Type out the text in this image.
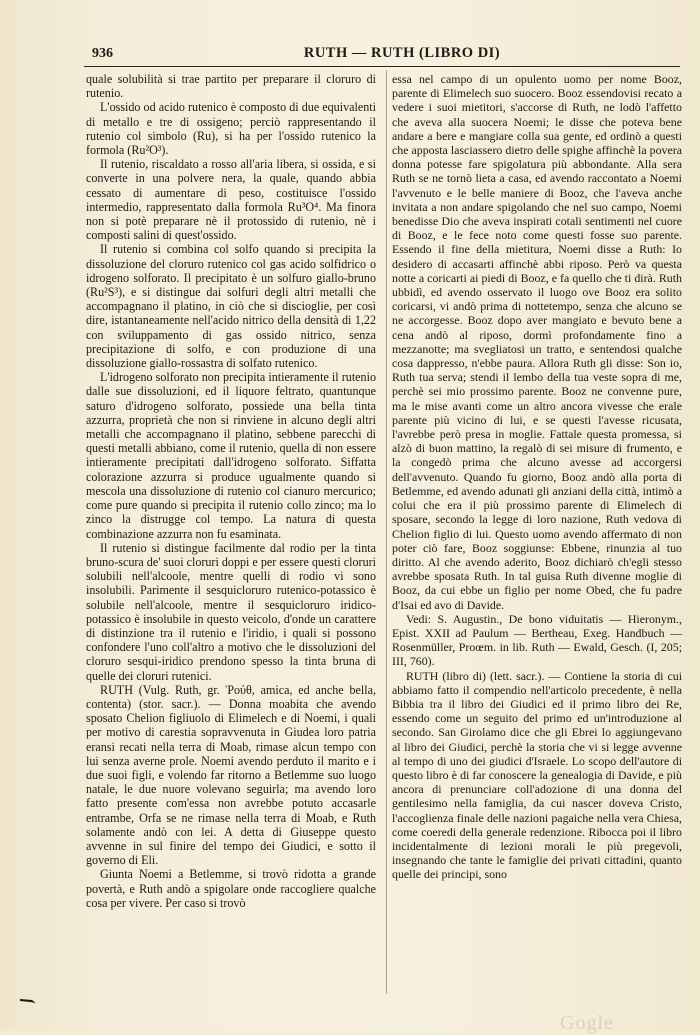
936	RUTH — RUTH (LIBRO DI)

quale solubilità si trae partito per preparare il cloruro di rutenio.

L'ossido od acido rutenico è composto di due equivalenti di metallo e tre di ossigeno; perciò rappresentando il rutenio col simbolo (Ru), si ha per l'ossido rutenico la formola (Ru²O³).

Il rutenio, riscaldato a rosso all'aria libera, si ossida, e si converte in una polvere nera, la quale, quando abbia cessato di aumentare di peso, costituisce l'ossido intermedio, rappresentato dalla formola Ru³O⁴. Ma finora non si potè preparare nè il protossido di rutenio, nè i composti salini di quest'ossido.

Il rutenio si combina col solfo quando si precipita la dissoluzione del cloruro rutenico col gas acido solfidrico o idrogeno solforato. Il precipitato è un solfuro giallo-bruno (Ru²S³), e si distingue dai solfuri degli altri metalli che accompagnano il platino, in ciò che si discioglie, per così dire, istantaneamente nell'acido nitrico della densità di 1,22 con sviluppamento di gas ossido nitrico, senza precipitazione di solfo, e con produzione di una dissoluzione giallo-rossastra di solfato rutenico.

L'idrogeno solforato non precipita intieramente il rutenio dalle sue dissoluzioni, ed il liquore feltrato, quantunque saturo d'idrogeno solforato, possiede una bella tinta azzurra, proprietà che non si rinviene in alcuno degli altri metalli che accompagnano il platino, sebbene parecchi di questi metalli abbiano, come il rutenio, quella di non essere intieramente precipitati dall'idrogeno solforato. Siffatta colorazione azzurra si produce ugualmente quando si mescola una dissoluzione di rutenio col cianuro mercurico; come pure quando si precipita il rutenio collo zinco; ma lo zinco la distrugge col tempo. La natura di questa combinazione azzurra non fu esaminata.

Il rutenio si distingue facilmente dal rodio per la tinta bruno-scura de' suoi cloruri doppi e per essere questi cloruri solubili nell'alcoole, mentre quelli di rodio vi sono insolubili. Parimente il sesquicloruro rutenico-potassico è solubile nell'alcoole, mentre il sesquicloruro iridico-potassico è insolubile in questo veicolo, d'onde un carattere di distinzione tra il rutenio e l'iridio, i quali si possono confondere l'uno coll'altro a motivo che le dissoluzioni del cloruro sesqui-iridico prendono spesso la tinta bruna di quelle dei cloruri rutenici.

RUTH (Vulg. Ruth, gr. Ῥούθ, amica, ed anche bella, contenta) (stor. sacr.). — Donna moabita che avendo sposato Chelion figliuolo di Elimelech e di Noemi, i quali per motivo di carestia sopravvenuta in Giudea loro patria eransi recati nella terra di Moab, rimase alcun tempo con lui senza averne prole. Noemi avendo perduto il marito e i due suoi figli, e volendo far ritorno a Betlemme suo luogo natale, le due nuore volevano seguirla; ma avendo loro fatto presente com'essa non avrebbe potuto accasarle entrambe, Orfa se ne rimase nella terra di Moab, e Ruth solamente andò con lei. A detta di Giuseppe questo avvenne in sul finire del tempo dei Giudici, e sotto il governo di Eli.

Giunta Noemi a Betlemme, si trovò ridotta a grande povertà, e Ruth andò a spigolare onde raccogliere qualche cosa per vivere. Per caso si trovò

essa nel campo di un opulento uomo per nome Booz, parente di Elimelech suo suocero. Booz essendovisi recato a vedere i suoi mietitori, s'accorse di Ruth, ne lodò l'affetto che aveva alla suocera Noemi; le disse che poteva bene andare a bere e mangiare colla sua gente, ed ordinò a questi che apposta lasciassero dietro delle spighe affinchè la povera donna potesse fare spigolatura più abbondante. Alla sera Ruth se ne tornò lieta a casa, ed avendo raccontato a Noemi l'avvenuto e le belle maniere di Booz, che l'aveva anche invitata a non andare spigolando che nel suo campo, Noemi benedisse Dio che aveva inspirati cotali sentimenti nel cuore di Booz, e le fece noto come questi fosse suo parente. Essendo il fine della mietitura, Noemi disse a Ruth: Io desidero di accasarti affinchè abbi riposo. Però va questa notte a coricarti ai piedi di Booz, e fa quello che ti dirà. Ruth ubbidì, ed avendo osservato il luogo ove Booz era solito coricarsi, vi andò prima di nottetempo, senza che alcuno se ne accorgesse. Booz dopo aver mangiato e bevuto bene a cena andò al riposo, dormì profondamente fino a mezzanotte; ma svegliatosi un tratto, e sentendosi qualche cosa dappresso, n'ebbe paura. Allora Ruth gli disse: Son io, Ruth tua serva; stendi il lembo della tua veste sopra di me, perchè sei mio prossimo parente. Booz ne convenne pure, ma le mise avanti come un altro ancora vivesse che erale parente più vicino di lui, e se questi l'avesse ricusata, l'avrebbe però presa in moglie. Fattale questa promessa, si alzò di buon mattino, la regalò di sei misure di frumento, e la congedò prima che alcuno avesse ad accorgersi dell'avvenuto. Quando fu giorno, Booz andò alla porta di Betlemme, ed avendo adunati gli anziani della città, intimò a colui che era il più prossimo parente di Elimelech di sposare, secondo la legge di loro nazione, Ruth vedova di Chelion figlio di lui. Questo uomo avendo affermato di non poter ciò fare, Booz soggiunse: Ebbene, rinunzia al tuo diritto. Al che avendo aderito, Booz dichiarò ch'egli stesso avrebbe sposata Ruth. In tal guisa Ruth divenne moglie di Booz, da cui ebbe un figlio per nome Obed, che fu padre d'Isai ed avo di Davide.

Vedi: S. Augustin., De bono viduitatis — Hieronym., Epist. XXII ad Paulum — Bertheau, Exeg. Handbuch — Rosenmüller, Proœm. in lib. Ruth — Ewald, Gesch. (I, 205; III, 760).

RUTH (libro di) (lett. sacr.). — Contiene la storia di cui abbiamo fatto il compendio nell'articolo precedente, è nella Bibbia tra il libro dei Giudici ed il primo libro dei Re, essendo come un seguito del primo ed un'introduzione al secondo. San Girolamo dice che gli Ebrei lo aggiungevano al libro dei Giudici, perchè la storia che vi si legge avvenne al tempo di uno dei giudici d'Israele. Lo scopo dell'autore di questo libro è di far conoscere la genealogia di Davide, e più ancora di prenunciare coll'adozione di una donna del gentilesimo nella famiglia, da cui nascer doveva Cristo, l'accoglienza finale delle nazioni pagaiche nella vera Chiesa, come coeredi della generale redenzione. Ribocca poi il libro incidentalmente di lezioni morali le più pregevoli, insegnando che tante le famiglie dei privati cittadini, quanto quelle dei principi, sono

Gogle
